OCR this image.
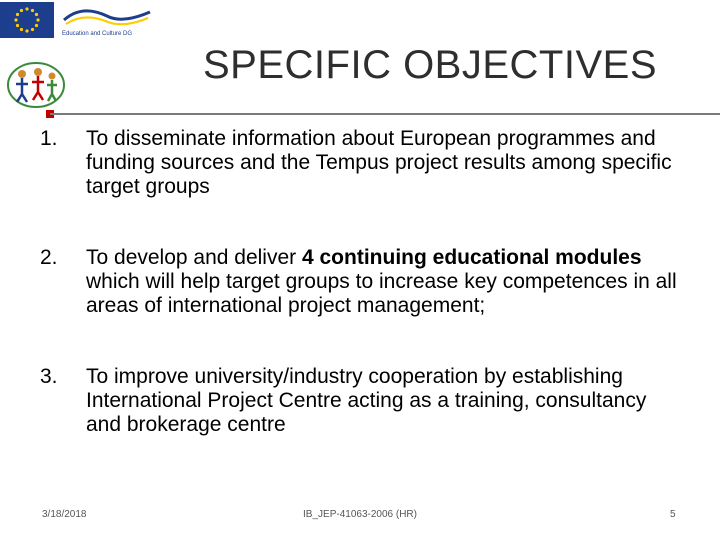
Education and Culture DG
SPECIFIC OBJECTIVES
1. To disseminate information about European programmes and funding sources and the Tempus project results among specific target groups
2. To develop and deliver 4 continuing educational modules which will help target groups to increase key competences in all areas of international project management;
3. To improve university/industry cooperation by establishing International Project Centre acting as a training, consultancy and brokerage centre
3/18/2018	IB_JEP-41063-2006 (HR)	5
